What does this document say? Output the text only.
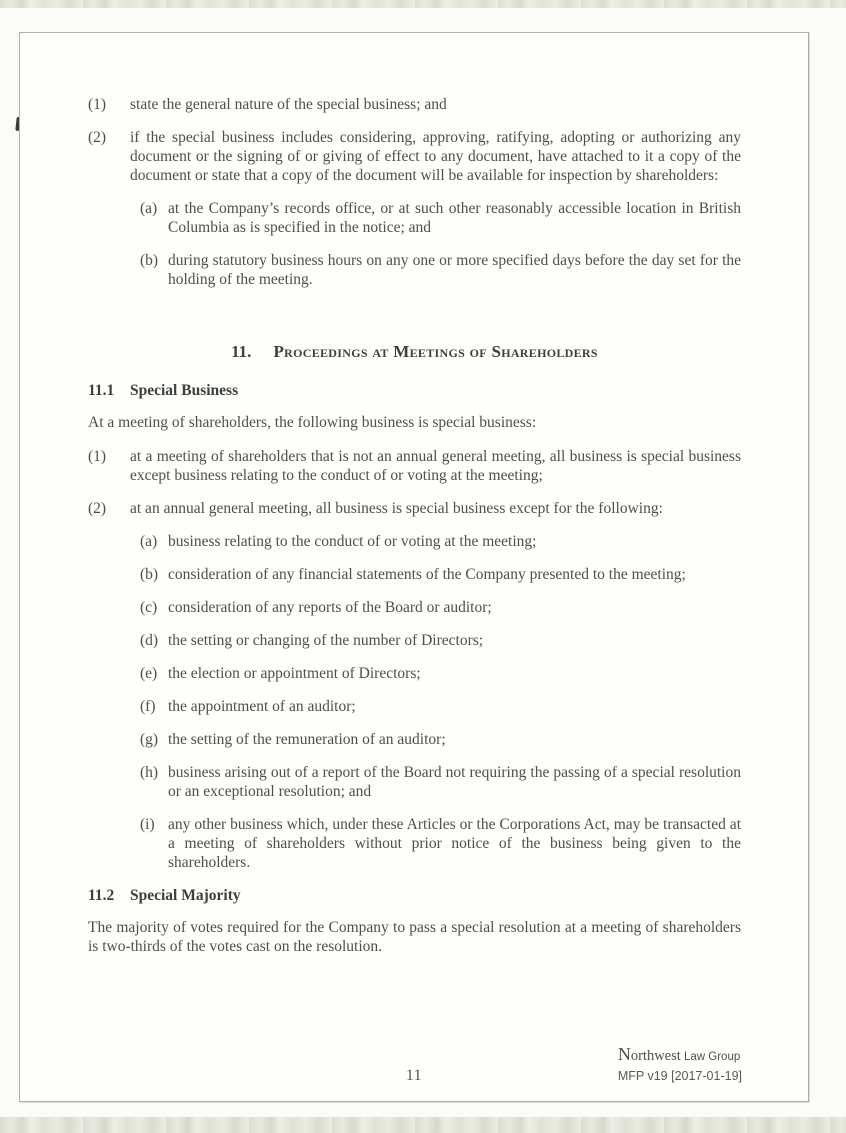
(1)	state the general nature of the special business; and
(2)	if the special business includes considering, approving, ratifying, adopting or authorizing any document or the signing of or giving of effect to any document, have attached to it a copy of the document or state that a copy of the document will be available for inspection by shareholders:
(a) at the Company’s records office, or at such other reasonably accessible location in British Columbia as is specified in the notice; and
(b) during statutory business hours on any one or more specified days before the day set for the holding of the meeting.
11. Proceedings at Meetings of Shareholders
11.1	Special Business
At a meeting of shareholders, the following business is special business:
(1)	at a meeting of shareholders that is not an annual general meeting, all business is special business except business relating to the conduct of or voting at the meeting;
(2)	at an annual general meeting, all business is special business except for the following:
(a) business relating to the conduct of or voting at the meeting;
(b) consideration of any financial statements of the Company presented to the meeting;
(c) consideration of any reports of the Board or auditor;
(d) the setting or changing of the number of Directors;
(e) the election or appointment of Directors;
(f) the appointment of an auditor;
(g) the setting of the remuneration of an auditor;
(h) business arising out of a report of the Board not requiring the passing of a special resolution or an exceptional resolution; and
(i) any other business which, under these Articles or the Corporations Act, may be transacted at a meeting of shareholders without prior notice of the business being given to the shareholders.
11.2	Special Majority
The majority of votes required for the Company to pass a special resolution at a meeting of shareholders is two-thirds of the votes cast on the resolution.
11
Northwest Law Group
MFP v19 [2017-01-19]
